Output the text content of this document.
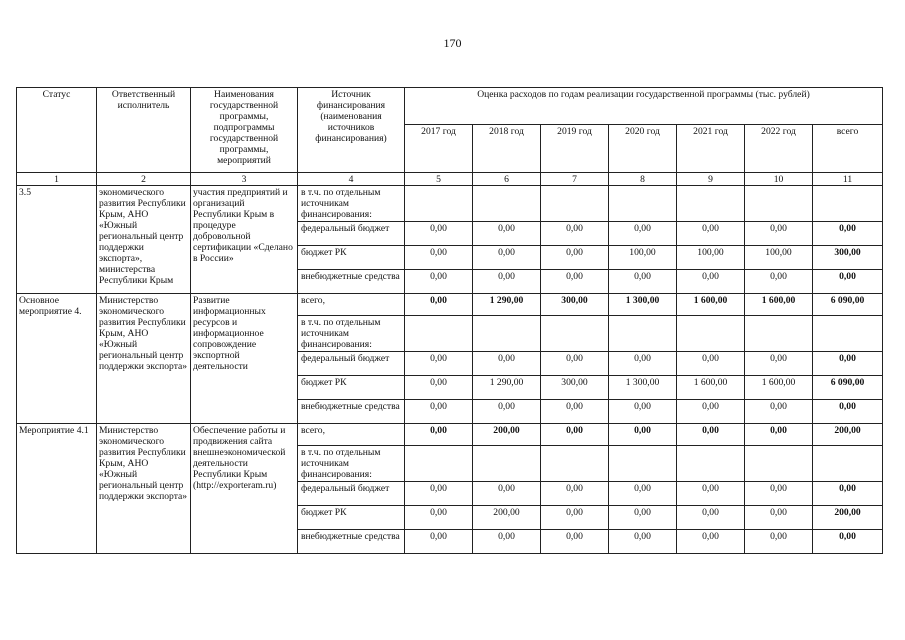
170
Статус	Ответственный исполнитель	Наименования государственной программы, подпрограммы государственной программы, мероприятий	Источник финансирования (наименования источников финансирования)	Оценка расходов по годам реализации государственной программы (тыс. рублей)						
				2017 год	2018 год	2019 год	2020 год	2021 год	2022 год	всего
1	2	3	4	5	6	7	8	9	10	11
3.5	экономического развития Республики Крым, АНО «Южный региональный центр поддержки экспорта», министерства Республики Крым	участия предприятий и организаций Республики Крым в процедуре добровольной сертификации «Сделано в России»	в т.ч. по отдельным источникам финансирования:							
			федеральный бюджет	0,00	0,00	0,00	0,00	0,00	0,00	0,00
			бюджет РК	0,00	0,00	0,00	100,00	100,00	100,00	300,00
			внебюджетные средства	0,00	0,00	0,00	0,00	0,00	0,00	0,00
Основное мероприятие 4.	Министерство экономического развития Республики Крым, АНО «Южный региональный центр поддержки экспорта»	Развитие информационных ресурсов и информационное сопровождение экспортной деятельности	всего,	0,00	1 290,00	300,00	1 300,00	1 600,00	1 600,00	6 090,00
			в т.ч. по отдельным источникам финансирования:							
			федеральный бюджет	0,00	0,00	0,00	0,00	0,00	0,00	0,00
			бюджет РК	0,00	1 290,00	300,00	1 300,00	1 600,00	1 600,00	6 090,00
			внебюджетные средства	0,00	0,00	0,00	0,00	0,00	0,00	0,00
Мероприятие 4.1	Министерство экономического развития Республики Крым, АНО «Южный региональный центр поддержки экспорта»	Обеспечение работы и продвижения сайта внешнеэкономической деятельности Республики Крым (http://exporteram.ru)	всего,	0,00	200,00	0,00	0,00	0,00	0,00	200,00
			в т.ч. по отдельным источникам финансирования:							
			федеральный бюджет	0,00	0,00	0,00	0,00	0,00	0,00	0,00
			бюджет РК	0,00	200,00	0,00	0,00	0,00	0,00	200,00
			внебюджетные средства	0,00	0,00	0,00	0,00	0,00	0,00	0,00
